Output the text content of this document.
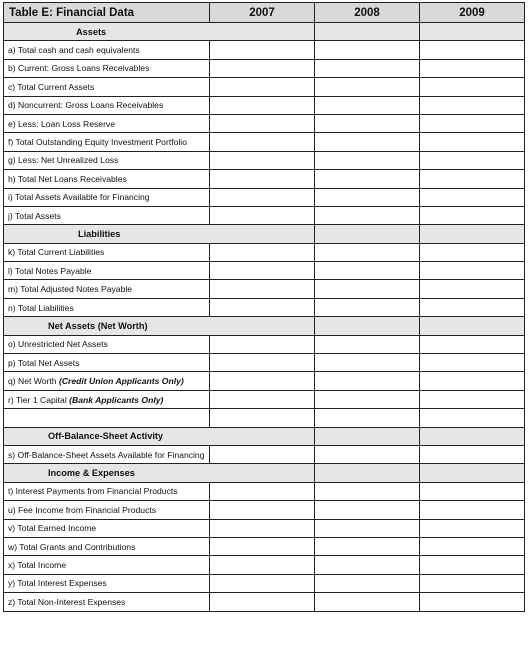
Table E: Financial Data	2007	2008	2009
Assets			
a) Total cash and cash equivalents			
b) Current: Gross Loans Receivables			
c) Total Current Assets			
d) Noncurrent: Gross Loans Receivables			
e) Less: Loan Loss Reserve			
f) Total Outstanding Equity Investment Portfolio			
g) Less: Net Unrealized Loss			
h) Total Net Loans Receivables			
i) Total Assets Available for Financing			
j) Total Assets			
Liabilities			
k) Total Current Liabilities			
l) Total Notes Payable			
m) Total Adjusted Notes Payable			
n) Total Liabilities			
Net Assets (Net Worth)			
o) Unrestricted Net Assets			
p) Total Net Assets			
q) Net Worth (Credit Union Applicants Only)			
r) Tier 1 Capital (Bank Applicants Only)			

Off-Balance-Sheet Activity			
s) Off-Balance-Sheet Assets Available for Financing			
Income & Expenses			
t) Interest Payments from Financial Products			
u) Fee Income from Financial Products			
v) Total Earned Income			
w) Total Grants and Contributions			
x) Total Income			
y) Total Interest Expenses			
z) Total Non-Interest Expenses			
